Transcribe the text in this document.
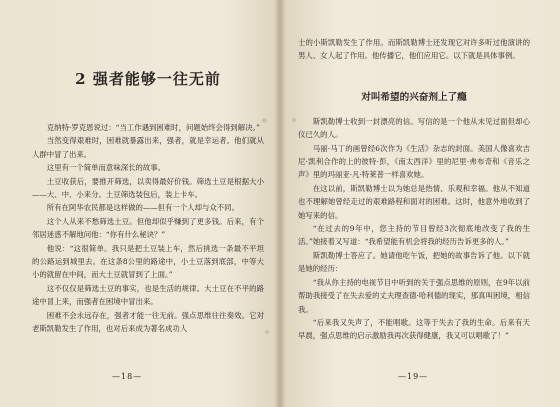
2 强者能够一往无前

克纳特·罗克恩说过：“当工作遇到困难时，问题始终会得到解决。”

当然变得艰难时，困难就暴露出来，强者，就是幸运者。他们就从人群中冒了出来。

这里有一个简单而意味深长的故事。

土豆收获后，要推开筛选，以卖得最好价钱。筛选土豆是根据大小——大、中、小来分。土豆筛选装包后，装上卡车。

所有在阿华农民都是这样做的——但有一个人却与众不同。

这个人从来不愁筛选土豆。但他却似乎赚到了更多钱。后来，有个邻居迷惑不解地问他：“你有什么秘诀？”

他说：“这很简单。我只是把土豆装上车，然后挑选一条最不平坦的公路运到城里去。在这条8公里的路途中，小土豆落到底部，中等大小的就留在中间，而大土豆就冒到了上面。”

这不仅仅是筛选土豆的事实，也是生活的规律。大土豆在不平的路途中冒上来，而强者在困境中冒出来。

困难不会永远存在，强者才能一往无前。强点思维往往奏效。它对老斯凯勒发生了作用，也对后来成为著名成功人

—18—

士的小斯凯勒发生了作用。而斯凯勒博士还发现它对许多听过他演讲的男人、女人起了作用。他传播它，他们应用它。以下就是具体事例。

对叫希望的兴奋剂上了瘾

斯凯勒博士收到一封漂亮的信。写信的是一个他从未见过面但却心仪已久的人。

马丽·马丁的画曾经6次作为《生活》杂志的封面。美国人像喜欢吉尼·凯利合作的上的彼特·彭，《南太西洋》里的尼里·弗布奇和《音乐之声》里的玛丽亚·凡·特莱普一样喜欢她。

在这以前，斯凯勒博士以为她总是热情、乐观和幸福。他从不知道也不理解她曾经走过的艰难路程和面对的困难。这时，他意外地收到了她写来的信。

“在过去的9年中，您主持的节目曾经3次彻底地改变了我的生活。”她接着又写道：“我希望能有机会将我的经历告诉更多的人。”

斯凯勒博士答应了。她请他吃午饭，把她的故事告诉了他。以下就是她的经历：

“我从你主持的电视节目中听到的关于强点思维的原则，在9年以前帮助我接受了在失去爱的丈夫理查德·哈利德的现实，那真叫困境，相信我。

“后来我又失声了，不能唱歌。这等于失去了我的生命。后来有天早晨，强点思维的启示激励我再次获得健康，我又可以唱歌了！”

—19—
